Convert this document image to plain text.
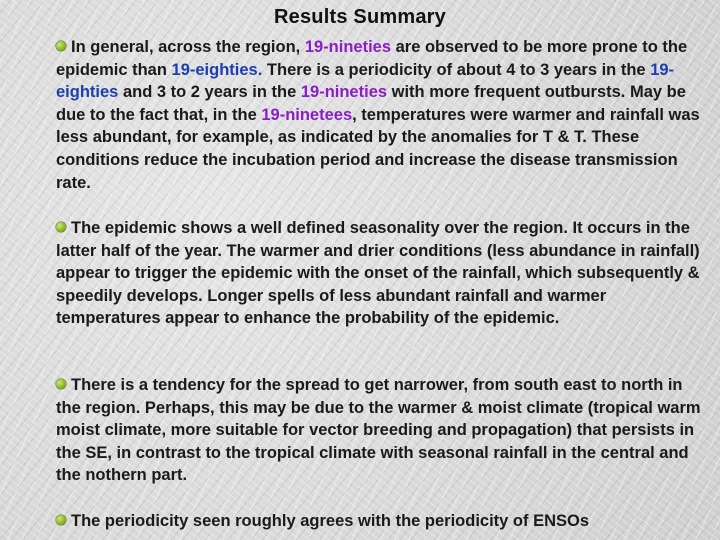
Results Summary

In general, across the region, 19-nineties are observed to be more prone to the epidemic than 19-eighties. There is a periodicity of about 4 to 3 years in the 19-eighties and 3 to 2 years in the 19-nineties with more frequent outbursts. May be due to the fact that, in the 19-ninetees, temperatures were warmer and rainfall was less abundant, for example, as indicated by the anomalies for T & T. These conditions reduce the incubation period and increase the disease transmission rate.

The epidemic shows a well defined seasonality over the region. It occurs in the latter half of the year. The warmer and drier conditions (less abundance in rainfall) appear to trigger the epidemic with the onset of the rainfall, which subsequently & speedily develops. Longer spells of less abundant rainfall and warmer temperatures appear to enhance the probability of the epidemic.

There is a tendency for the spread to get narrower, from south east to north in the region. Perhaps, this may be due to the warmer & moist climate (tropical warm moist climate, more suitable for vector breeding and propagation) that persists in the SE, in contrast to the tropical climate with seasonal rainfall in the central and the nothern part.

The periodicity seen roughly agrees with the periodicity of ENSOs
